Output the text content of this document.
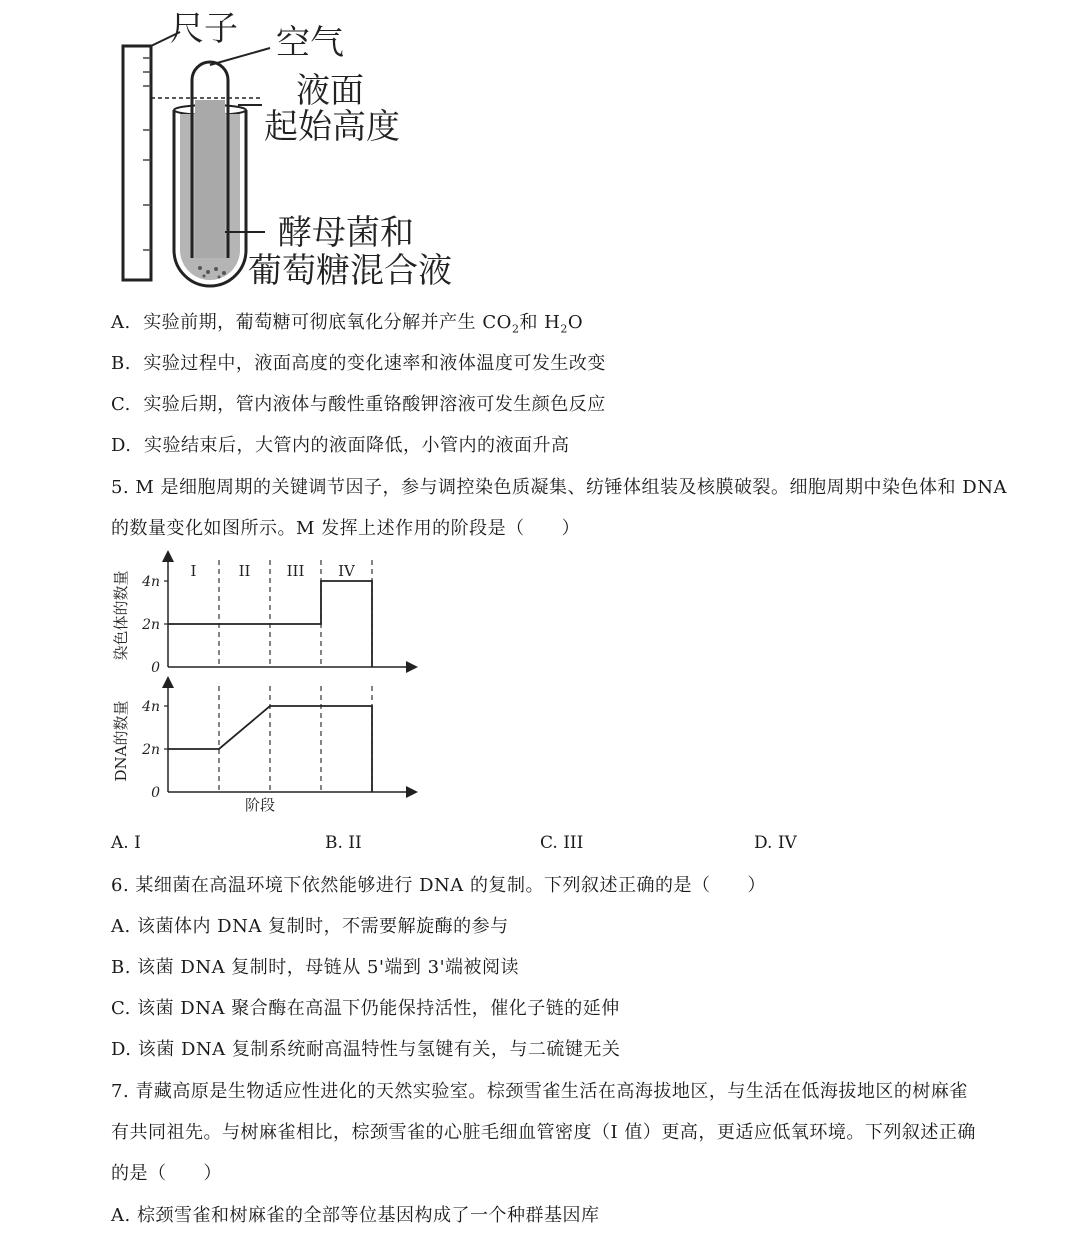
尺子 空气
液面
起始高度
酵母菌和
葡萄糖混合液
A. 实验前期，葡萄糖可彻底氧化分解并产生 $CO_2$和 $H_2O$
B. 实验过程中，液面高度的变化速率和液体温度可发生改变
C. 实验后期，管内液体与酸性重铬酸钾溶液可发生颜色反应
D. 实验结束后，大管内的液面降低，小管内的液面升高
5. M 是细胞周期的关键调节因子，参与调控染色质凝集、纺锤体组装及核膜破裂。细胞周期中染色体和 DNA
的数量变化如图所示。M 发挥上述作用的阶段是（　　）
0
2n
4n
染色体的数量	I	II III IV
0
2n
4n
DNA的数量
阶段
A. I	B. II	C. III	D. IV
6. 某细菌在高温环境下依然能够进行 DNA 的复制。下列叙述正确的是（　　）
A. 该菌体内 DNA 复制时，不需要解旋酶的参与
B. 该菌 DNA 复制时，母链从 5'端到 3'端被阅读
C. 该菌 DNA 聚合酶在高温下仍能保持活性，催化子链的延伸
D. 该菌 DNA 复制系统耐高温特性与氢键有关，与二硫键无关
7. 青藏高原是生物适应性进化的天然实验室。棕颈雪雀生活在高海拔地区，与生活在低海拔地区的树麻雀
有共同祖先。与树麻雀相比，棕颈雪雀的心脏毛细血管密度（I 值）更高，更适应低氧环境。下列叙述正确
的是（　　）
A. 棕颈雪雀和树麻雀的全部等位基因构成了一个种群基因库
